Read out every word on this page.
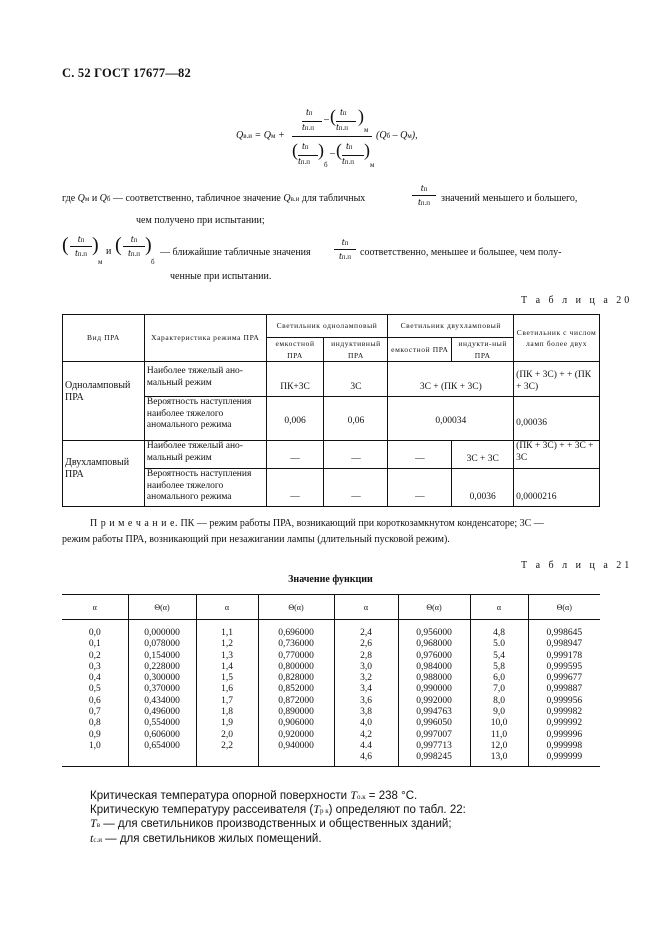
С. 52 ГОСТ 17677—82
Qв.и = Qм +
tп
tп.п
– ( tп
tп.п
)
м
( tп
tп.п
)
б
– ( tп
tп.п
)
м
(Qб – Qм),
где Qм и Qб — соответственно, табличное значение Qв.и для табличных
tп
tп.п	значений меньшего и большего,
чем получено при испытании;
( tп
tп.п )
м
и ( tп
tп.п )
б
— ближайшие табличные значения
tп
tп.п соответственно, меньшее и большее, чем полу-
ченные при испытании.
Т а б л и ц а 20
Вид ПРА	Характеристика режима ПРА	Светильник однолампoвый		Светильник двухламповый		Светильник с числом ламп более двух
		емкостной ПРА	индуктивный ПРА	емкостной ПРА	индукти-ный ПРА	
Однолампoвый ПРА	Наиболее тяжелый аномальный режим	ПК+3С	3С	3С + (ПК + 3С)		(ПК + 3С) + + (ПК + 3С)
	Вероятность наступления наиболее тяжелого аномального режима	0,006	0,06	0,00034		0,00036
Двухламповый ПРА	Наиболее тяжелый аномальный режим	—	—	—	3С + 3С	(ПК + 3С) + + 3С + 3С
	Вероятность наступления наиболее тяжелого аномального режима	—	—	—	0,0036	0,0000216
П р и м е ч а н и е. ПК — режим работы ПРА, возникающий при короткозамкнутом конденсаторе; 3С —
режим работы ПРА, возникающий при незажигании лампы (длительный пусковой режим).
Т а б л и ц а 21
Значение функции
α	Θ(α)	α	Θ(α)	α	Θ(α)	α	Θ(α)
0,0	0,000000	1,1	0,696000	2,4	0,956000	4,8	0,998645
0,1	0,078000	1,2	0,736000	2,6	0,968000	5.0	0,998947
0,2	0,154000	1,3	0,770000	2,8	0,976000	5,4	0,999178
0,3	0,228000	1,4	0,800000	3,0	0,984000	5,8	0,999595
0,4	0,300000	1,5	0,828000	3,2	0,988000	6,0	0,999677
0,5	0,370000	1,6	0,852000	3,4	0,990000	7,0	0,999887
0,6	0,434000	1,7	0,872000	3,6	0,992000	8,0	0,999956
0,7	0,496000	1,8	0,890000	3,8	0,994763	9,0	0,999982
0,8	0,554000	1,9	0,906000	4,0	0,996050	10,0	0,999992
0,9	0,606000	2,0	0,920000	4,2	0,997007	11,0	0,999996
1,0	0,654000	2,2	0,940000	4.4	0,997713	12,0	0,999998
				4,6	0,998245	13,0	0,999999
Критическая температура опорной поверхности To.к = 238 °С.
Критическую температуру рассеивателя (Tр к) определяют по табл. 22:
Tв — для светильников производственных и общественных зданий;
tс.и — для светильников жилых помещений.
